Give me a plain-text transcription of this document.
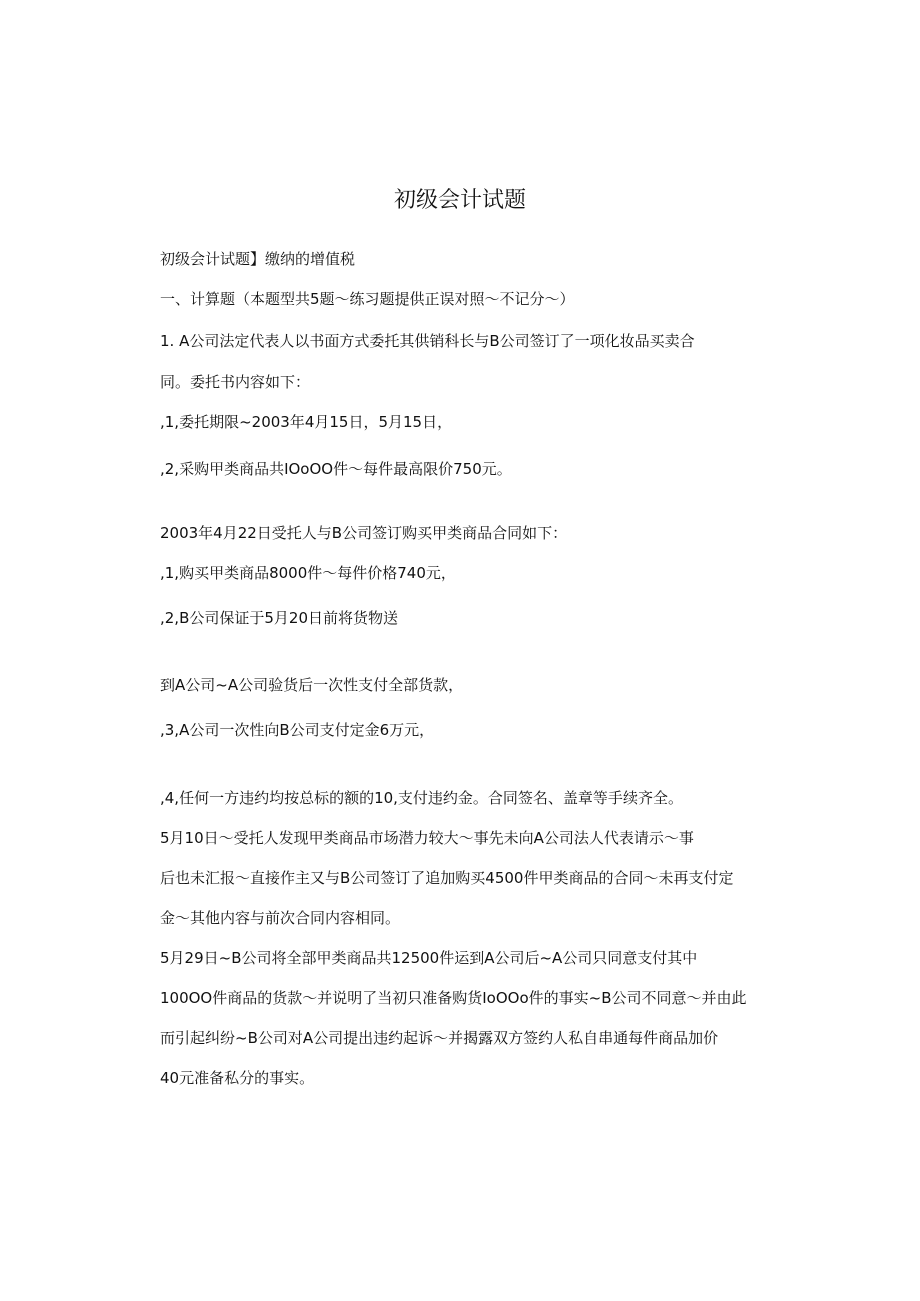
初级会计试题
初级会计试题】缴纳的增值税
一、计算题（本题型共5题～练习题提供正误对照～不记分～）
1. A公司法定代表人以书面方式委托其供销科长与B公司签订了一项化妆品买卖合
同。委托书内容如下：
,1,委托期限~2003年4月15日，5月15日，
,2,采购甲类商品共IOoOO件～每件最高限价750元。
2003年4月22日受托人与B公司签订购买甲类商品合同如下：
,1,购买甲类商品8000件～每件价格740元，
,2,B公司保证于5月20日前将货物送
到A公司~A公司验货后一次性支付全部货款，
,3,A公司一次性向B公司支付定金6万元，
,4,任何一方违约均按总标的额的10,支付违约金。合同签名、盖章等手续齐全。
5月10日～受托人发现甲类商品市场潜力较大～事先未向A公司法人代表请示～事
后也未汇报～直接作主又与B公司签订了追加购买4500件甲类商品的合同～未再支付定
金～其他内容与前次合同内容相同。
5月29日~B公司将全部甲类商品共12500件运到A公司后~A公司只同意支付其中
100OO件商品的货款～并说明了当初只准备购货IoOOo件的事实~B公司不同意～并由此
而引起纠纷~B公司对A公司提出违约起诉～并揭露双方签约人私自串通每件商品加价
40元准备私分的事实。
